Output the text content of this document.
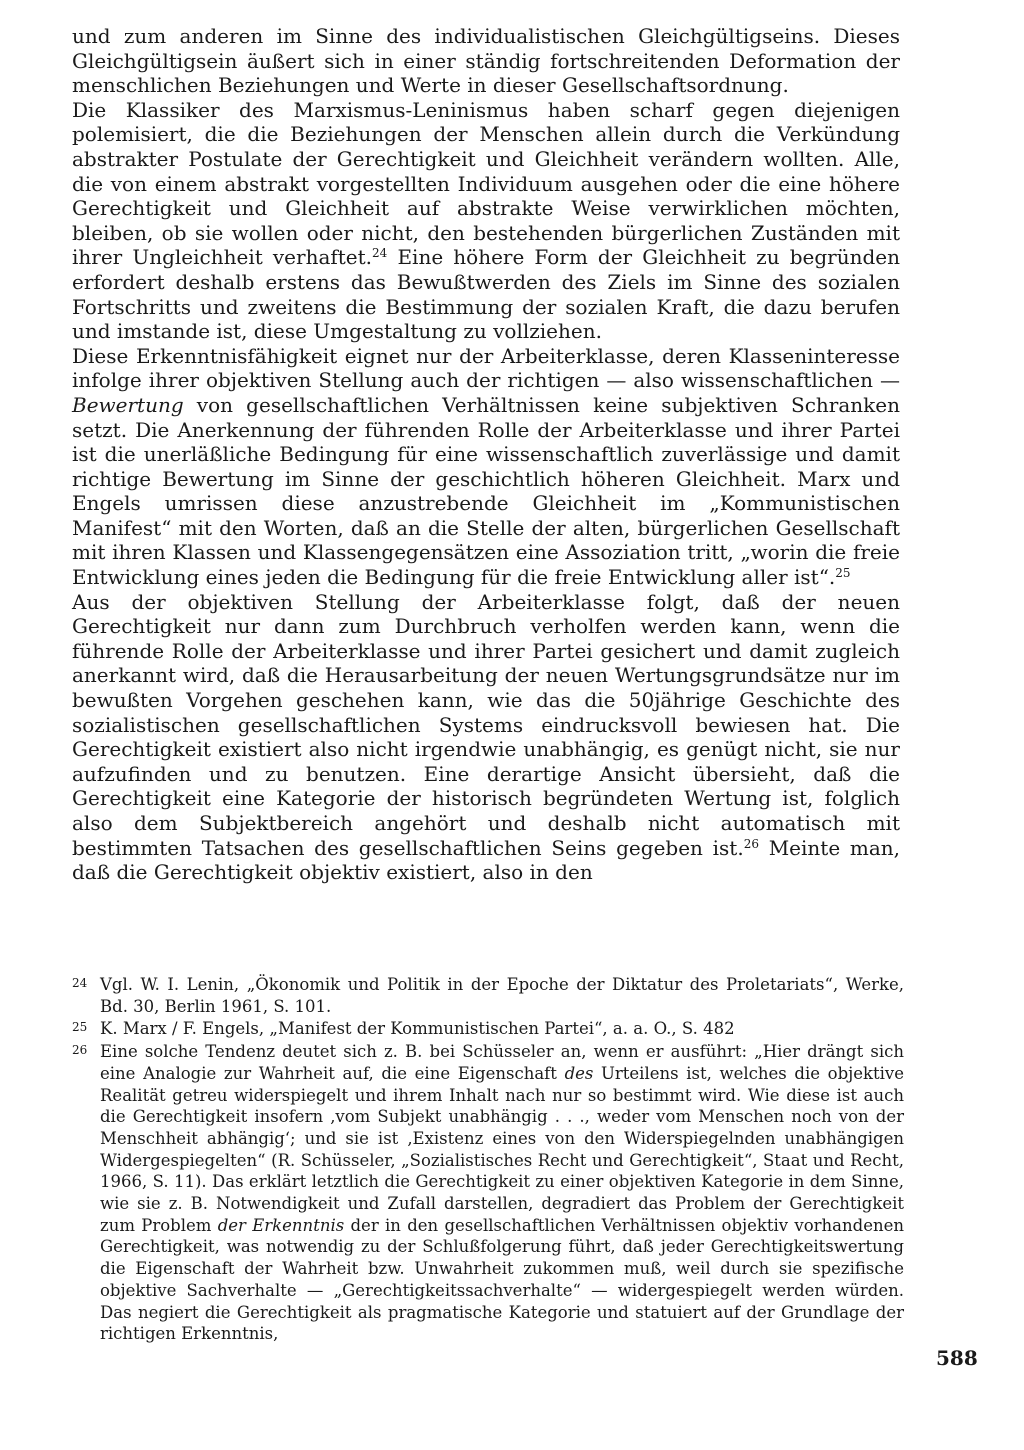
und zum anderen im Sinne des individualistischen Gleichgültigseins. Dieses Gleichgültigsein äußert sich in einer ständig fortschreitenden Deformation der menschlichen Beziehungen und Werte in dieser Gesellschaftsordnung.

Die Klassiker des Marxismus-Leninismus haben scharf gegen diejenigen polemisiert, die die Beziehungen der Menschen allein durch die Verkündung abstrakter Postulate der Gerechtigkeit und Gleichheit verändern wollten. Alle, die von einem abstrakt vorgestellten Individuum ausgehen oder die eine höhere Gerechtigkeit und Gleichheit auf abstrakte Weise verwirklichen möchten, bleiben, ob sie wollen oder nicht, den bestehenden bürgerlichen Zuständen mit ihrer Ungleichheit verhaftet.$^{24}$ Eine höhere Form der Gleichheit zu begründen erfordert deshalb erstens das Bewußtwerden des Ziels im Sinne des sozialen Fortschritts und zweitens die Bestimmung der sozialen Kraft, die dazu berufen und imstande ist, diese Umgestaltung zu vollziehen.

Diese Erkenntnisfähigkeit eignet nur der Arbeiterklasse, deren Klasseninteresse infolge ihrer objektiven Stellung auch der richtigen — also wissenschaftlichen — Bewertung von gesellschaftlichen Verhältnissen keine subjektiven Schranken setzt. Die Anerkennung der führenden Rolle der Arbeiterklasse und ihrer Partei ist die unerläßliche Bedingung für eine wissenschaftlich zuverlässige und damit richtige Bewertung im Sinne der geschichtlich höheren Gleichheit. Marx und Engels umrissen diese anzustrebende Gleichheit im „Kommunistischen Manifest“ mit den Worten, daß an die Stelle der alten, bürgerlichen Gesellschaft mit ihren Klassen und Klassengegensätzen eine Assoziation tritt, „worin die freie Entwicklung eines jeden die Bedingung für die freie Entwicklung aller ist“.$^{25}$

Aus der objektiven Stellung der Arbeiterklasse folgt, daß der neuen Gerechtigkeit nur dann zum Durchbruch verholfen werden kann, wenn die führende Rolle der Arbeiterklasse und ihrer Partei gesichert und damit zugleich anerkannt wird, daß die Herausarbeitung der neuen Wertungsgrundsätze nur im bewußten Vorgehen geschehen kann, wie das die 50jährige Geschichte des sozialistischen gesellschaftlichen Systems eindrucksvoll bewiesen hat. Die Gerechtigkeit existiert also nicht irgendwie unabhängig, es genügt nicht, sie nur aufzufinden und zu benutzen. Eine derartige Ansicht übersieht, daß die Gerechtigkeit eine Kategorie der historisch begründeten Wertung ist, folglich also dem Subjektbereich angehört und deshalb nicht automatisch mit bestimmten Tatsachen des gesellschaftlichen Seins gegeben ist.$^{26}$ Meinte man, daß die Gerechtigkeit objektiv existiert, also in den

24 Vgl. W. I. Lenin, „Ökonomik und Politik in der Epoche der Diktatur des Proletariats“, Werke, Bd. 30, Berlin 1961, S. 101.
25 K. Marx / F. Engels, „Manifest der Kommunistischen Partei“, a. a. O., S. 482
26 Eine solche Tendenz deutet sich z. B. bei Schüsseler an, wenn er ausführt: „Hier drängt sich eine Analogie zur Wahrheit auf, die eine Eigenschaft des Urteilens ist, welches die objektive Realität getreu widerspiegelt und ihrem Inhalt nach nur so bestimmt wird. Wie diese ist auch die Gerechtigkeit insofern ‚vom Subjekt unabhängig . . ., weder vom Menschen noch von der Menschheit abhängig‘; und sie ist ‚Existenz eines von den Widerspiegelnden unabhängigen Widergespiegelten“ (R. Schüsseler, „Sozialistisches Recht und Gerechtigkeit“, Staat und Recht, 1966, S. 11). Das erklärt letztlich die Gerechtigkeit zu einer objektiven Kategorie in dem Sinne, wie sie z. B. Notwendigkeit und Zufall darstellen, degradiert das Problem der Gerechtigkeit zum Problem der Erkenntnis der in den gesellschaftlichen Verhältnissen objektiv vorhandenen Gerechtigkeit, was notwendig zu der Schlußfolgerung führt, daß jeder Gerechtigkeitswertung die Eigenschaft der Wahrheit bzw. Unwahrheit zukommen muß, weil durch sie spezifische objektive Sachverhalte — „Gerechtigkeitssachverhalte“ — widergespiegelt werden würden. Das negiert die Gerechtigkeit als pragmatische Kategorie und statuiert auf der Grundlage der richtigen Erkenntnis,
588
